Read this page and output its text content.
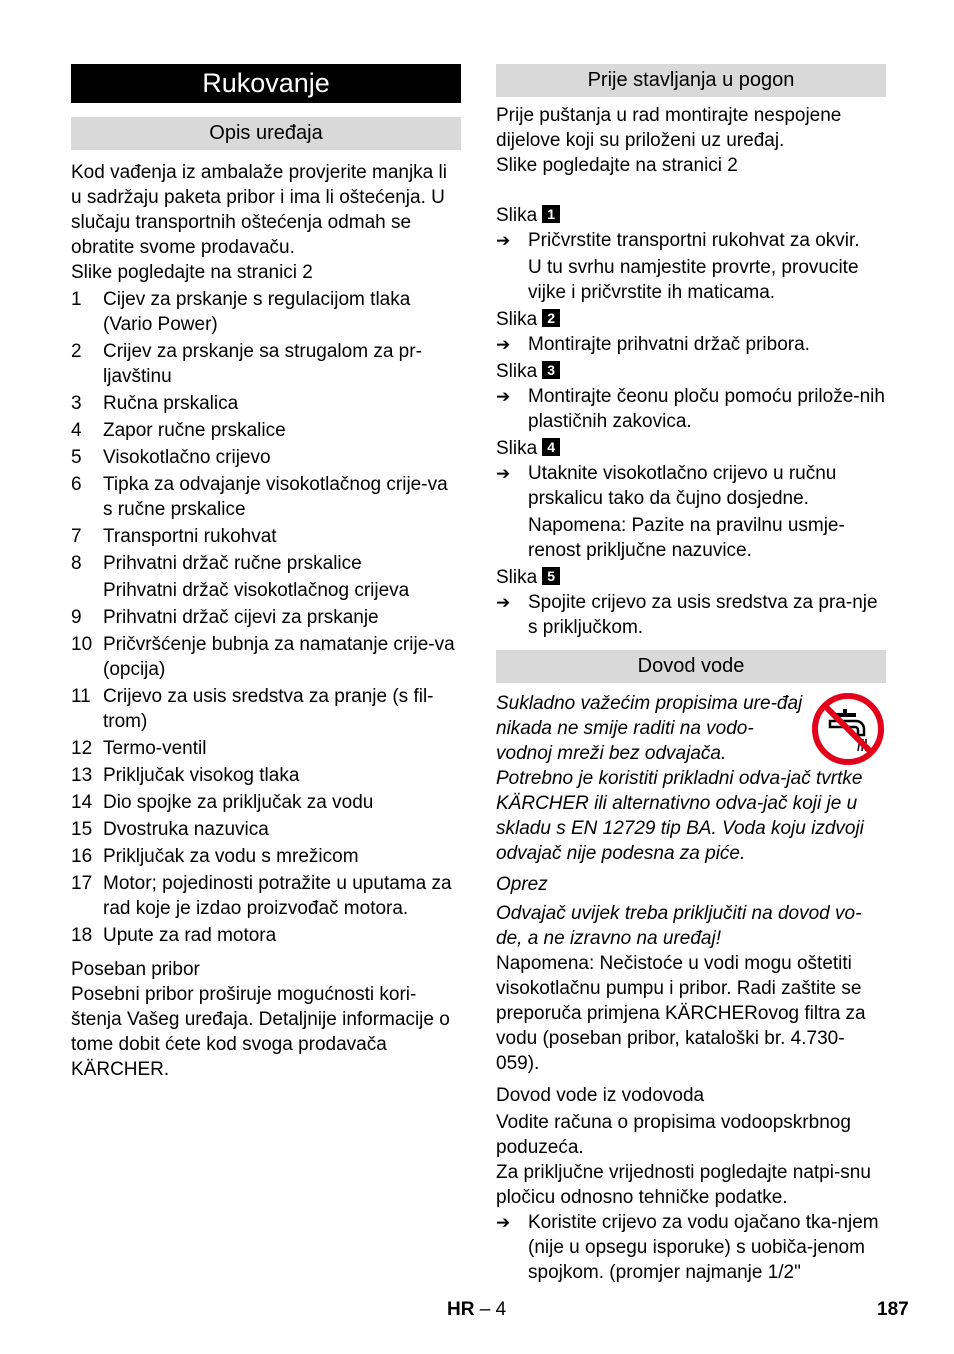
Rukovanje
Opis uređaja

Kod vađenja iz ambalaže provjerite manjka li u sadržaju paketa pribor i ima li oštećenja. U slučaju transportnih oštećenja odmah se obratite svome prodavaču.

Slike pogledajte na stranici 2

1	Cijev za prskanje s regulacijom tlaka (Vario Power)
2	Crijev za prskanje sa strugalom za pr-ljavštinu
3	Ručna prskalica
4	Zapor ručne prskalice
5	Visokotlačno crijevo
6	Tipka za odvajanje visokotlačnog crije-va s ručne prskalice
7	Transportni rukohvat
8	Prihvatni držač ručne prskalice
Prihvatni držač visokotlačnog crijeva
9	Prihvatni držač cijevi za prskanje
10 Pričvršćenje bubnja za namatanje crije-va (opcija)
11 Crijevo za usis sredstva za pranje (s fil-trom)
12 Termo-ventil
13 Priključak visokog tlaka
14 Dio spojke za priključak za vodu
15 Dvostruka nazuvica
16 Priključak za vodu s mrežicom
17 Motor; pojedinosti potražite u uputama za rad koje je izdao proizvođač motora.
18 Upute za rad motora

Poseban pribor

Posebni pribor proširuje mogućnosti kori-štenja Vašeg uređaja. Detaljnije informacije o tome dobit ćete kod svoga prodavača KÄRCHER.

Prije stavljanja u pogon

Prije puštanja u rad montirajte nespojene dijelove koji su priloženi uz uređaj.

Slike pogledajte na stranici 2

Slika 1
➔ Pričvrstite transportni rukohvat za okvir.
U tu svrhu namjestite provrte, provucite vijke i pričvrstite ih maticama.
Slika 2
➔ Montirajte prihvatni držač pribora.
Slika 3
➔ Montirajte čeonu ploču pomoću prilože-nih plastičnih zakovica.
Slika 4
➔ Utaknite visokotlačno crijevo u ručnu prskalicu tako da čujno dosjedne.
Napomena: Pazite na pravilnu usmje-renost priključne nazuvice.
Slika 5
➔ Spojite crijevo za usis sredstva za pra-nje s priključkom.
Dovod vode

Sukladno važećim propisima ure-đaj nikada ne smije raditi na vodo-vodnoj mreži bez odvajača.

Potrebno je koristiti prikladni odva-jač tvrtke KÄRCHER ili alternativno odva-jač koji je u skladu s EN 12729 tip BA. Voda koju izdvoji odvajač nije podesna za piće.

Oprez

Odvajač uvijek treba priključiti na dovod vo-de, a ne izravno na uređaj!

Napomena: Nečistoće u vodi mogu oštetiti visokotlačnu pumpu i pribor. Radi zaštite se preporuča primjena KÄRCHERovog filtra za vodu (poseban pribor, kataloški br. 4.730-059).

Dovod vode iz vodovoda

Vodite računa o propisima vodoopskrbnog poduzeća.

Za priključne vrijednosti pogledajte natpi-snu pločicu odnosno tehničke podatke.

➔ Koristite crijevo za vodu ojačano tka-njem (nije u opsegu isporuke) s uobiča-jenom spojkom. (promjer najmanje 1/2"
HR – 4	187
